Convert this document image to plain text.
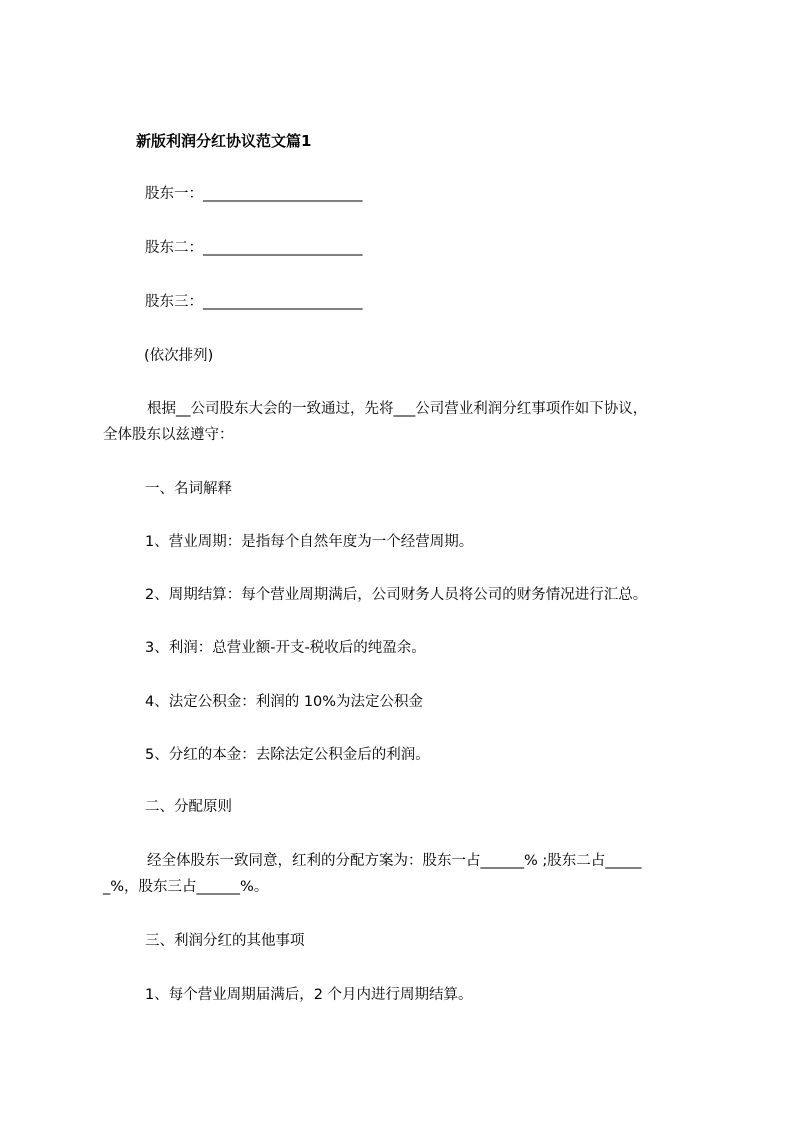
新版利润分红协议范文篇1

股东一：______________________

股东二：______________________

股东三：______________________

(依次排列)

根据__公司股东大会的一致通过，先将___公司营业利润分红事项作如下协议，

全体股东以兹遵守：

一、名词解释

1、营业周期：是指每个自然年度为一个经营周期。

2、周期结算：每个营业周期满后，公司财务人员将公司的财务情况进行汇总。

3、利润：总营业额-开支-税收后的纯盈余。

4、法定公积金：利润的 10%为法定公积金

5、分红的本金：去除法定公积金后的利润。

二、分配原则

经全体股东一致同意，红利的分配方案为：股东一占______% ;股东二占_____

_%，股东三占______%。

三、利润分红的其他事项

1、每个营业周期届满后，2 个月内进行周期结算。
